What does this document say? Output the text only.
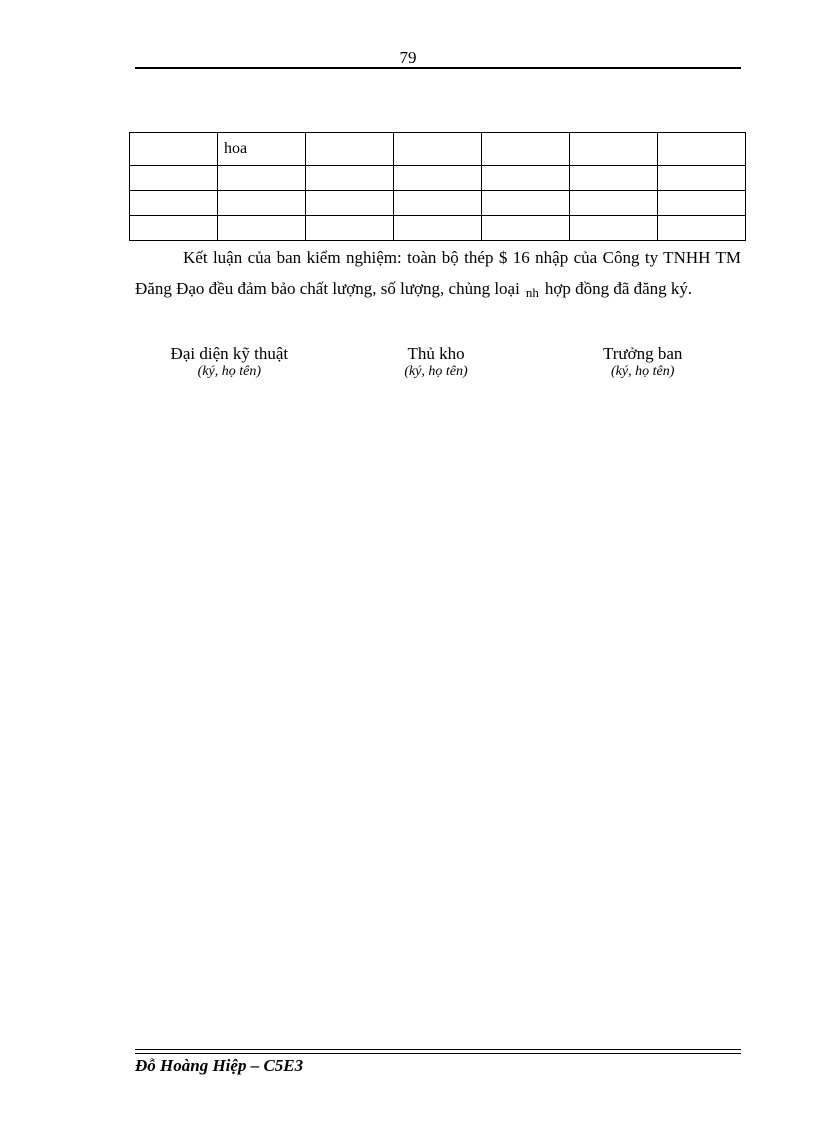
79
	hoa					

Kết luận của ban kiểm nghiệm: toàn bộ thép $ 16 nhập của Công ty TNHH TM Đăng Đạo đều đảm bảo chất lượng, số lượng, chủng loại nh hợp đồng đã đăng ký.

Đại diện kỹ thuật
(ký, họ tên)
Thủ kho
(ký, họ tên)
Trưởng ban
(ký, họ tên)
Đỗ Hoàng Hiệp – C5E3
